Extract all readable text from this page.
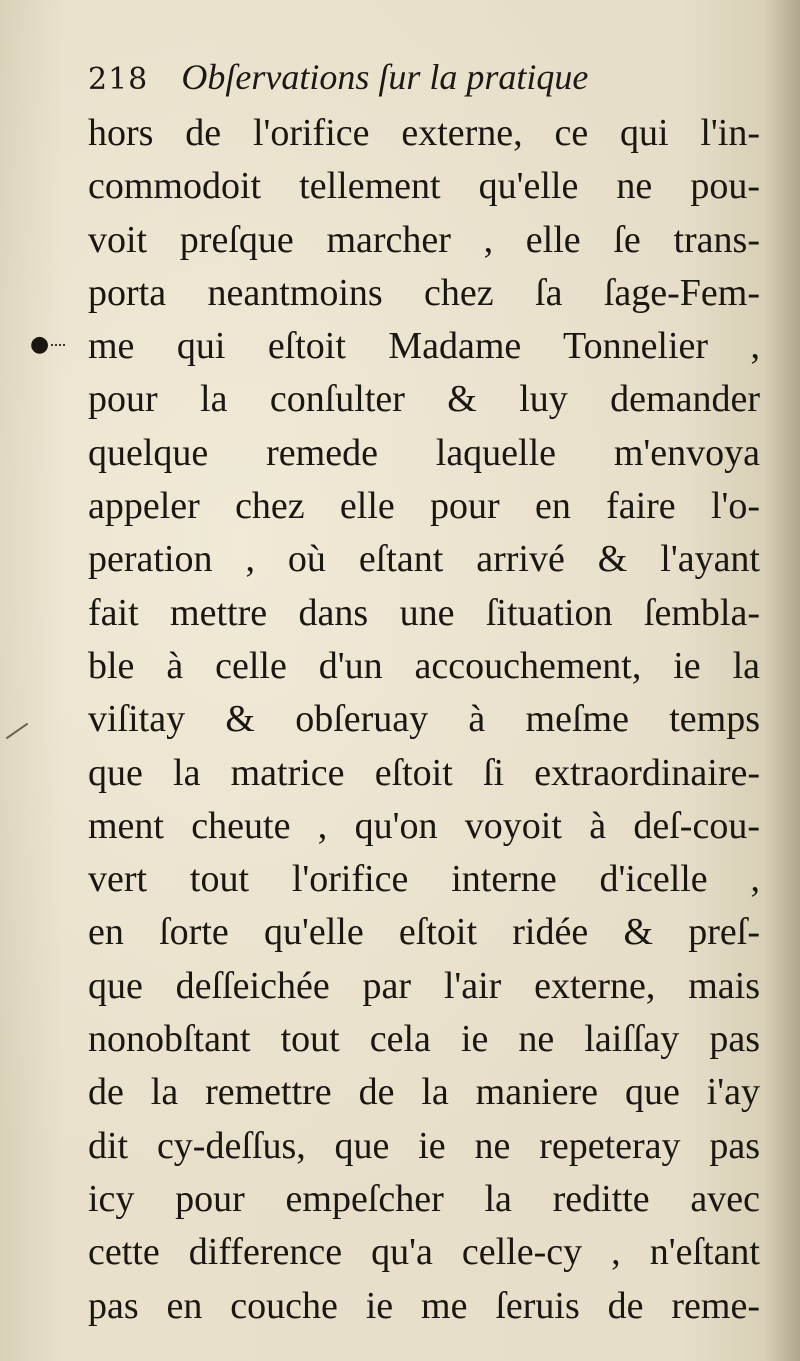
218 Obſervations ſur la pratique
●
hors de l'orifice externe, ce qui l'in-
commodoit tellement qu'elle ne pou-
voit preſque marcher , elle ſe trans-
porta neantmoins chez ſa ſage-Fem-
me qui eſtoit Madame Tonnelier ,
pour la conſulter & luy demander
quelque remede laquelle m'envoya
appeler chez elle pour en faire l'o-
peration , où eſtant arrivé & l'ayant
fait mettre dans une ſituation ſembla-
ble à celle d'un accouchement, ie la
viſitay & obſeruay à meſme temps
que la matrice eſtoit ſi extraordinaire-
ment cheute , qu'on voyoit à deſ-cou-
vert tout l'orifice interne d'icelle ,
en ſorte qu'elle eſtoit ridée & preſ-
que deſſeichée par l'air externe, mais
nonobſtant tout cela ie ne laiſſay pas
de la remettre de la maniere que i'ay
dit cy-deſſus, que ie ne repeteray pas
icy pour empeſcher la reditte avec
cette difference qu'a celle-cy , n'eſtant
pas en couche ie me ſeruis de reme-
